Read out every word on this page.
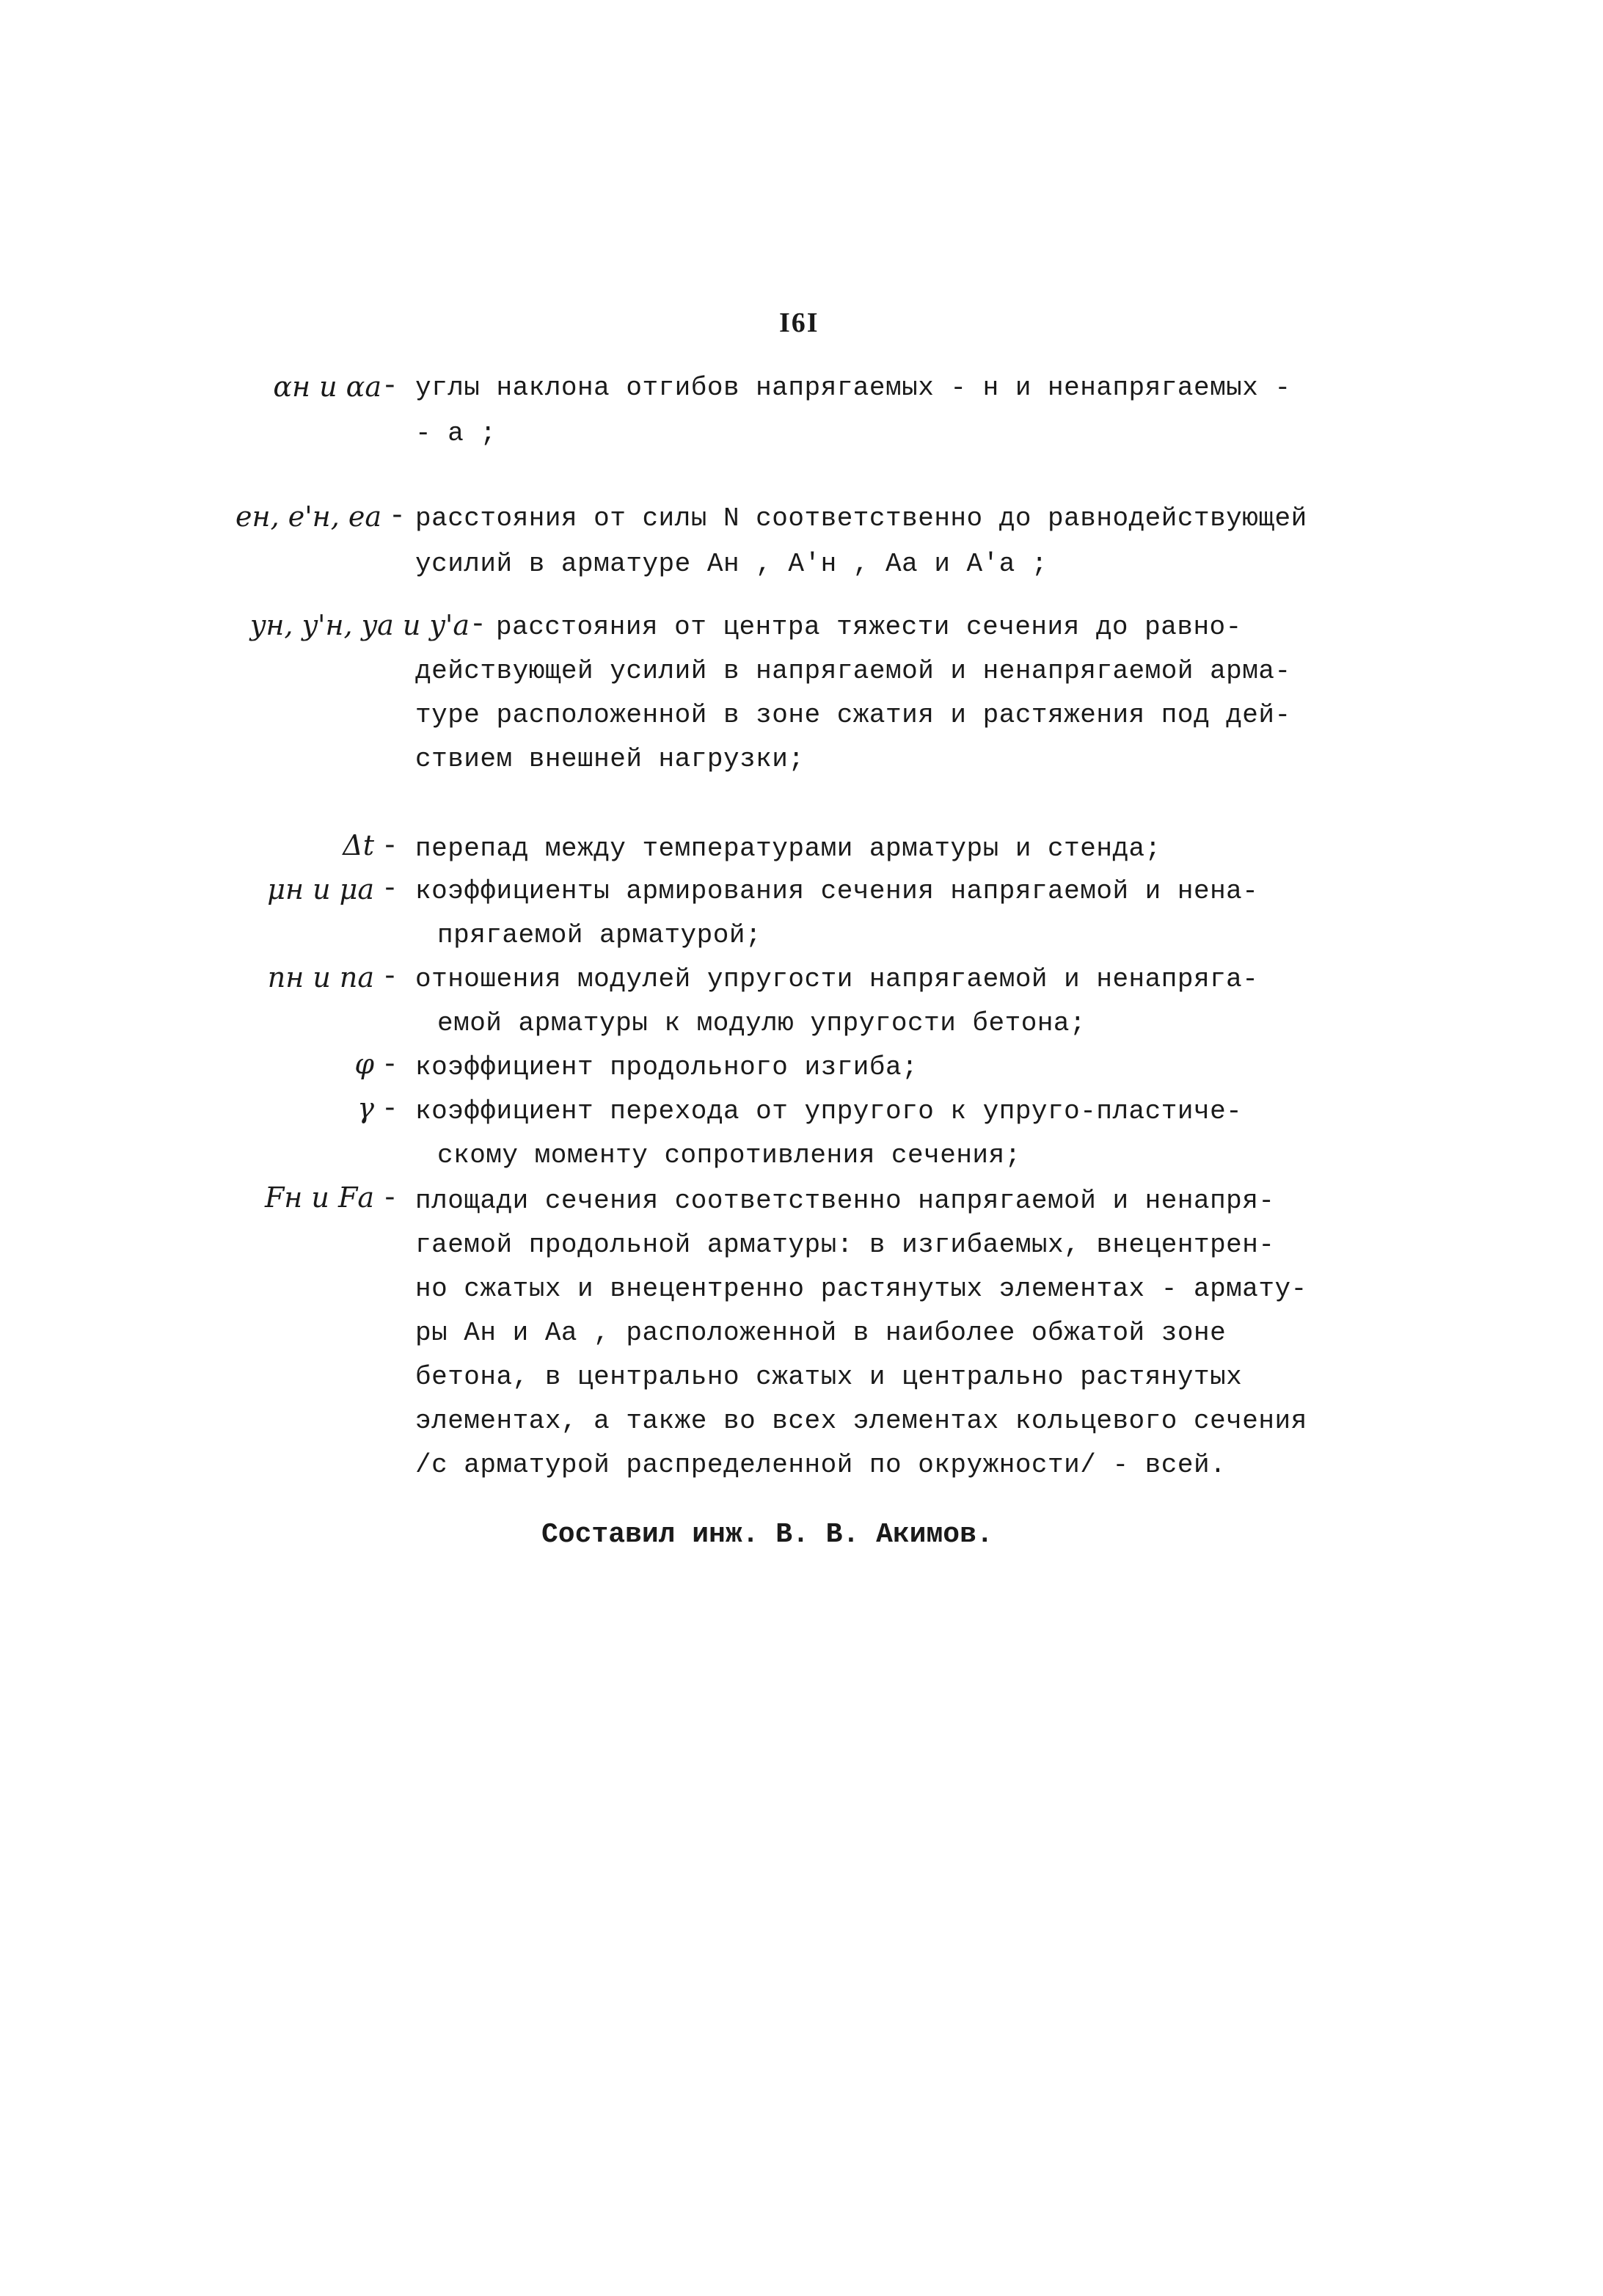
I6I
αн и αа - углы наклона отгибов напрягаемых - н и ненапрягаемых -
- а ;
eн, e'н, eа - расстояния от силы N соответственно до равнодействующей
усилий в арматуре Aн , A'н , Aа и A'а ;
yн, y'н, yа и y'а - расстояния от центра тяжести сечения до равно-
действующей усилий в напрягаемой и ненапрягаемой арма-
туре расположенной в зоне сжатия и растяжения под дей-
ствием внешней нагрузки;
Δt - перепад между температурами арматуры и стенда;
μн и μа - коэффициенты армирования сечения напрягаемой и нена-
прягаемой арматурой;
nн и nа - отношения модулей упругости напрягаемой и ненапряга-
емой арматуры к модулю упругости бетона;
φ - коэффициент продольного изгиба;
γ - коэффициент перехода от упругого к упруго-пластиче-
скому моменту сопротивления сечения;
Fн и Fа - площади сечения соответственно напрягаемой и ненапря-
гаемой продольной арматуры: в изгибаемых, внецентрен-
но сжатых и внецентренно растянутых элементах - армату-
ры Aн и Aа , расположенной в наиболее обжатой зоне
бетона, в центрально сжатых и центрально растянутых
элементах, а также во всех элементах кольцевого сечения
/с арматурой распределенной по окружности/ - всей.
Составил инж. В. В. Акимов.
